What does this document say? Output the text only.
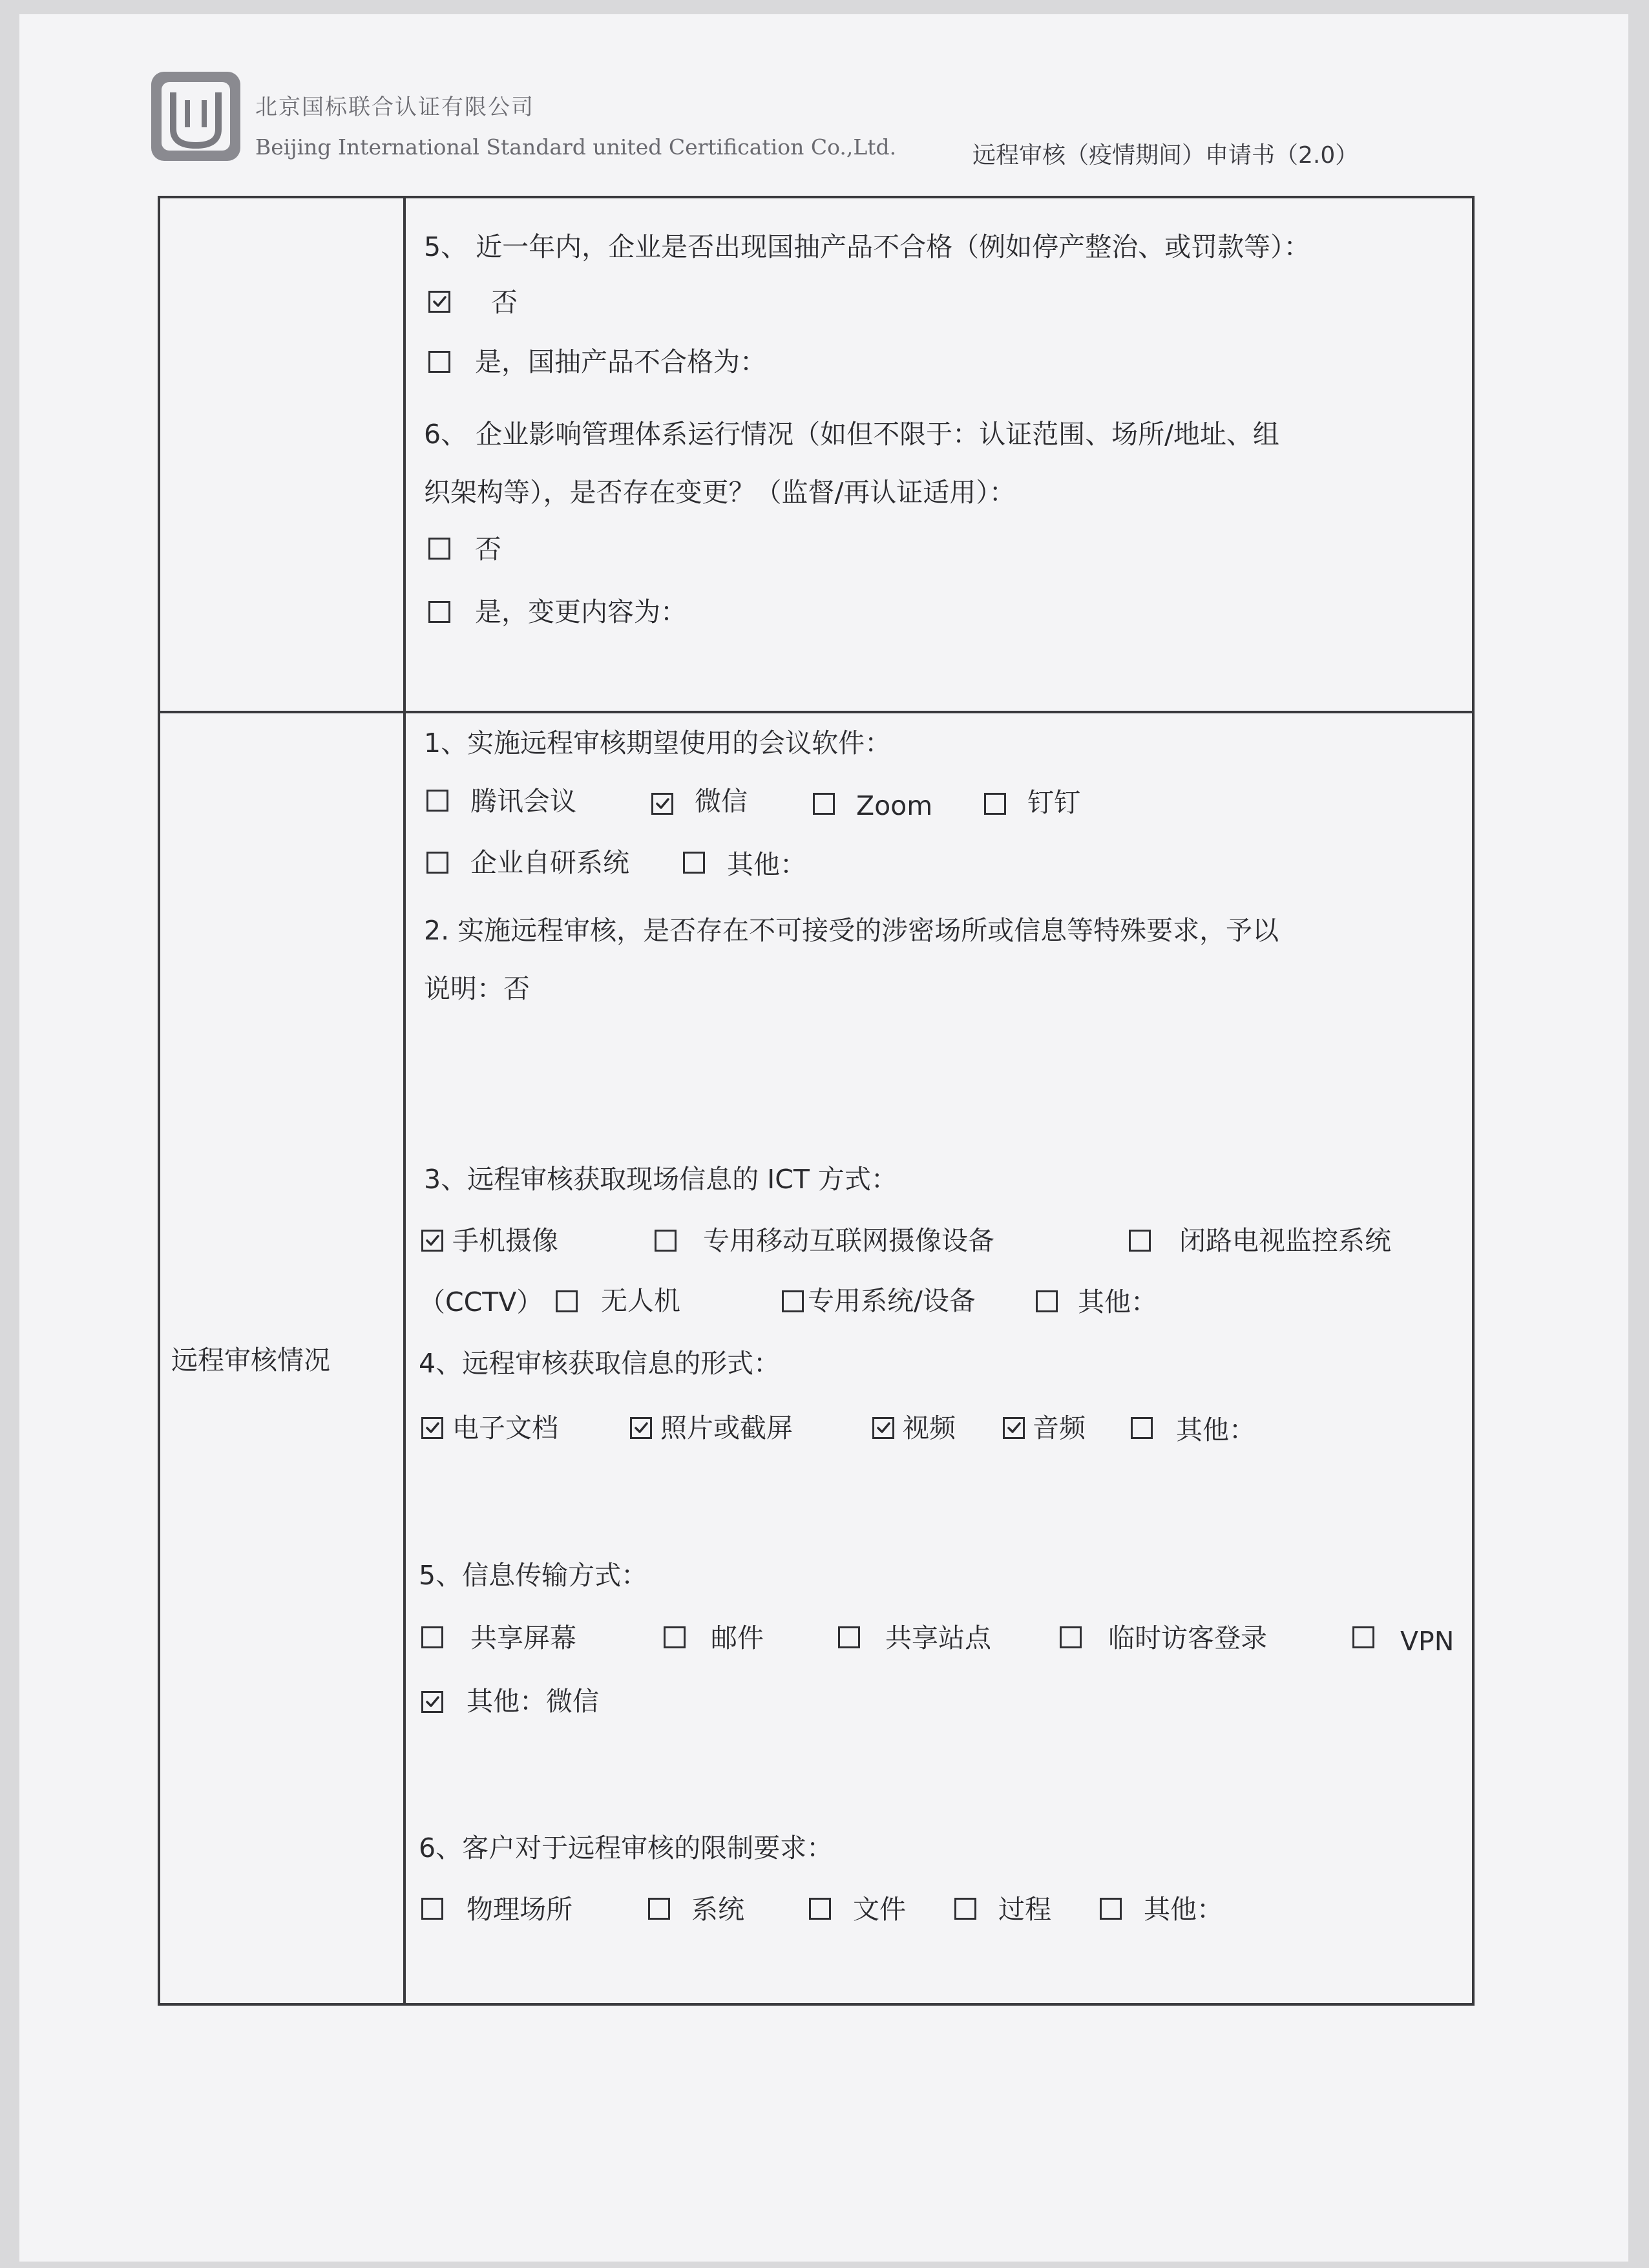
北京国标联合认证有限公司
Beijing International Standard united Certification Co.,Ltd.	远程审核（疫情期间）申请书（2.0）
远程审核情况
5、 近一年内，企业是否出现国抽产品不合格（例如停产整治、或罚款等）：
否
是，国抽产品不合格为：
6、 企业影响管理体系运行情况（如但不限于：认证范围、场所/地址、组
织架构等），是否存在变更？（监督/再认证适用）：
否
是，变更内容为：
1、实施远程审核期望使用的会议软件：
腾讯会议	微信	Zoom	钉钉
企业自研系统	其他：
2. 实施远程审核，是否存在不可接受的涉密场所或信息等特殊要求，予以
说明：否
3、远程审核获取现场信息的 ICT 方式：
手机摄像	专用移动互联网摄像设备	闭路电视监控系统
（CCTV） 无人机	专用系统/设备	其他：
4、远程审核获取信息的形式：
电子文档	照片或截屏	视频	音频	其他：
5、信息传输方式：
共享屏幕	邮件	共享站点	临时访客登录	VPN
其他：微信
6、客户对于远程审核的限制要求：
物理场所	系统	文件	过程	其他：
